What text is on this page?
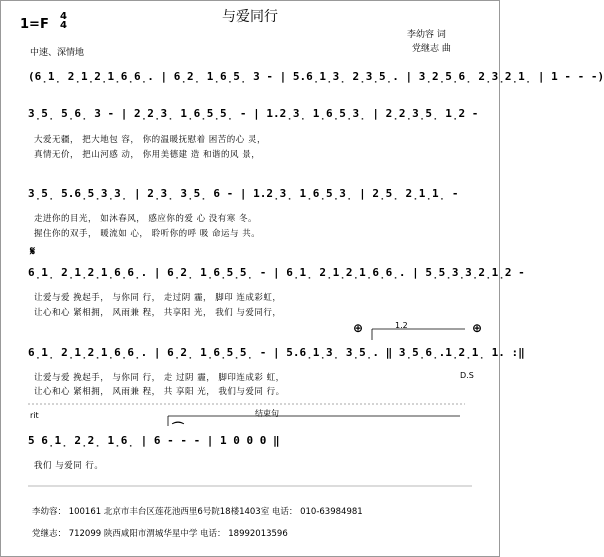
与爱同行
1=F
4
4
李幼容 词
党继志 曲
中速、深情地
(6̣1̣ 2̣1̣2̣1̣6̣6̣. | 6̣2̣ 1̣6̣5̣ 3 - | 5.6̣1̣3̣ 2̣3̣5̣. | 3̣2̣5̣6̣ 2̣3̣2̣1̣ | 1 - - -)
3̣5̣ 5̣6̣ 3 - | 2̣2̣3̣ 1̣6̣5̣5̣ - | 1.2̣3̣ 1̣6̣5̣3̣ | 2̣2̣3̣5̣ 1̣2 -
大爱无疆， 把大地包 容， 你的温暖抚慰着 困苦的心 灵，
真情无价， 把山河感 动， 你用美德建 造 和谐的风 景，
3̣5̣ 5.6̣5̣3̣3̣ | 2̣3̣ 3̣5̣ 6 - | 1.2̣3̣ 1̣6̣5̣3̣ | 2̣5̣ 2̣1̣1̣ -
走进你的目光， 如沐春风， 感应你的爱 心 没有寒 冬。
握住你的双手， 暖流如 心， 聆听你的呼 吸 命运与 共。
𝄋
6̣1̣ 2̣1̣2̣1̣6̣6̣. | 6̣2̣ 1̣6̣5̣5̣ - | 6̣1̣ 2̣1̣2̣1̣6̣6̣. | 5̣5̣3̣3̣2̣1̣2 -
让爱与爱 挽起手， 与你同 行， 走过阴 霾， 脚印 连成彩虹，
让心和心 紧相拥， 风雨兼 程， 共享阳 光， 我们 与爱同行，
⊕	1.2	⊕
6̣1̣ 2̣1̣2̣1̣6̣6̣. | 6̣2̣ 1̣6̣5̣5̣ - | 5.6̣1̣3̣ 3̣5̣. ‖ 3̣5̣6̣.1̣2̣1̣ 1. :‖
让爱与爱 挽起手， 与你同 行， 走 过阴 霾， 脚印连成彩 虹，
让心和心 紧相拥， 风雨兼 程， 共 享阳 光， 我们与爱同 行。
D.S
rit	结束句
⌒
5 6̣1̣ 2̣2̣ 1̣6̣ | 6 - - - | 1 0 0 0 ‖
我们 与爱同 行。
李幼容： 100161 北京市丰台区莲花池西里6号院18楼1403室 电话： 010-63984981
党继志： 712099 陕西咸阳市渭城华星中学 电话： 18992013596
